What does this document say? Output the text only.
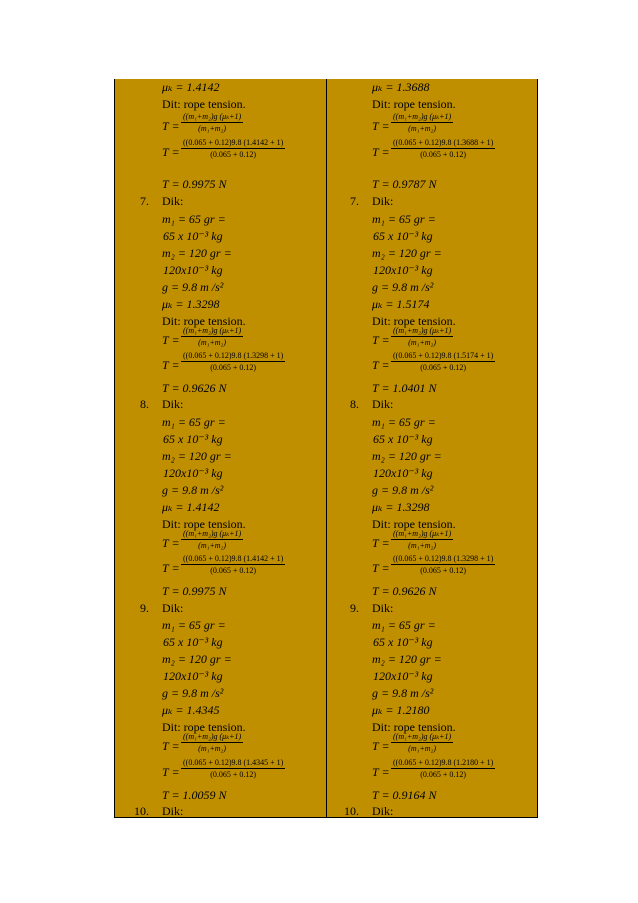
μₖ = 1.4142
Dit: rope tension.
$T = \frac{\text{((m₁+m₂)g (μₖ+1)}}{\text{(m₁+m₂)}}$
$T = \frac{((0.065 + 0.12)9.8 (1.4142 + 1)}{(0.065 + 0.12)}$
T = 0.9975 N
7. Dik:
m₁ = 65 gr =
65 x 10⁻³ kg
m₂ = 120 gr =
120x10⁻³ kg
g = 9.8 m /s²
μₖ = 1.3298
Dit: rope tension.
$T = \frac{\text{((m₁+m₂)g (μₖ+1)}}{\text{(m₁+m₂)}}$
$T = \frac{((0.065 + 0.12)9.8 (1.3298 + 1)}{(0.065 + 0.12)}$
T = 0.9626 N
8. Dik:
m₁ = 65 gr =
65 x 10⁻³ kg
m₂ = 120 gr =
120x10⁻³ kg
g = 9.8 m /s²
μₖ = 1.4142
Dit: rope tension.
$T = \frac{\text{((m₁+m₂)g (μₖ+1)}}{\text{(m₁+m₂)}}$
$T = \frac{((0.065 + 0.12)9.8 (1.4142 + 1)}{(0.065 + 0.12)}$
T = 0.9975 N
9. Dik:
m₁ = 65 gr =
65 x 10⁻³ kg
m₂ = 120 gr =
120x10⁻³ kg
g = 9.8 m /s²
μₖ = 1.4345
Dit: rope tension.
$T = \frac{\text{((m₁+m₂)g (μₖ+1)}}{\text{(m₁+m₂)}}$
$T = \frac{((0.065 + 0.12)9.8 (1.4345 + 1)}{(0.065 + 0.12)}$
T = 1.0059 N
10. Dik:
μₖ = 1.3688
Dit: rope tension.
$T = \frac{\text{((m₁+m₂)g (μₖ+1)}}{\text{(m₁+m₂)}}$
$T = \frac{((0.065 + 0.12)9.8 (1.3688 + 1)}{(0.065 + 0.12)}$
T = 0.9787 N
7. Dik:
m₁ = 65 gr =
65 x 10⁻³ kg
m₂ = 120 gr =
120x10⁻³ kg
g = 9.8 m /s²
μₖ = 1.5174
Dit: rope tension.
$T = \frac{\text{((m₁+m₂)g (μₖ+1)}}{\text{(m₁+m₂)}}$
$T = \frac{((0.065 + 0.12)9.8 (1.5174 + 1)}{(0.065 + 0.12)}$
T = 1.0401 N
8. Dik:
m₁ = 65 gr =
65 x 10⁻³ kg
m₂ = 120 gr =
120x10⁻³ kg
g = 9.8 m /s²
μₖ = 1.3298
Dit: rope tension.
$T = \frac{\text{((m₁+m₂)g (μₖ+1)}}{\text{(m₁+m₂)}}$
$T = \frac{((0.065 + 0.12)9.8 (1.3298 + 1)}{(0.065 + 0.12)}$
T = 0.9626 N
9. Dik:
m₁ = 65 gr =
65 x 10⁻³ kg
m₂ = 120 gr =
120x10⁻³ kg
g = 9.8 m /s²
μₖ = 1.2180
Dit: rope tension.
$T = \frac{\text{((m₁+m₂)g (μₖ+1)}}{\text{(m₁+m₂)}}$
$T = \frac{((0.065 + 0.12)9.8 (1.2180 + 1)}{(0.065 + 0.12)}$
T = 0.9164 N
10. Dik:
